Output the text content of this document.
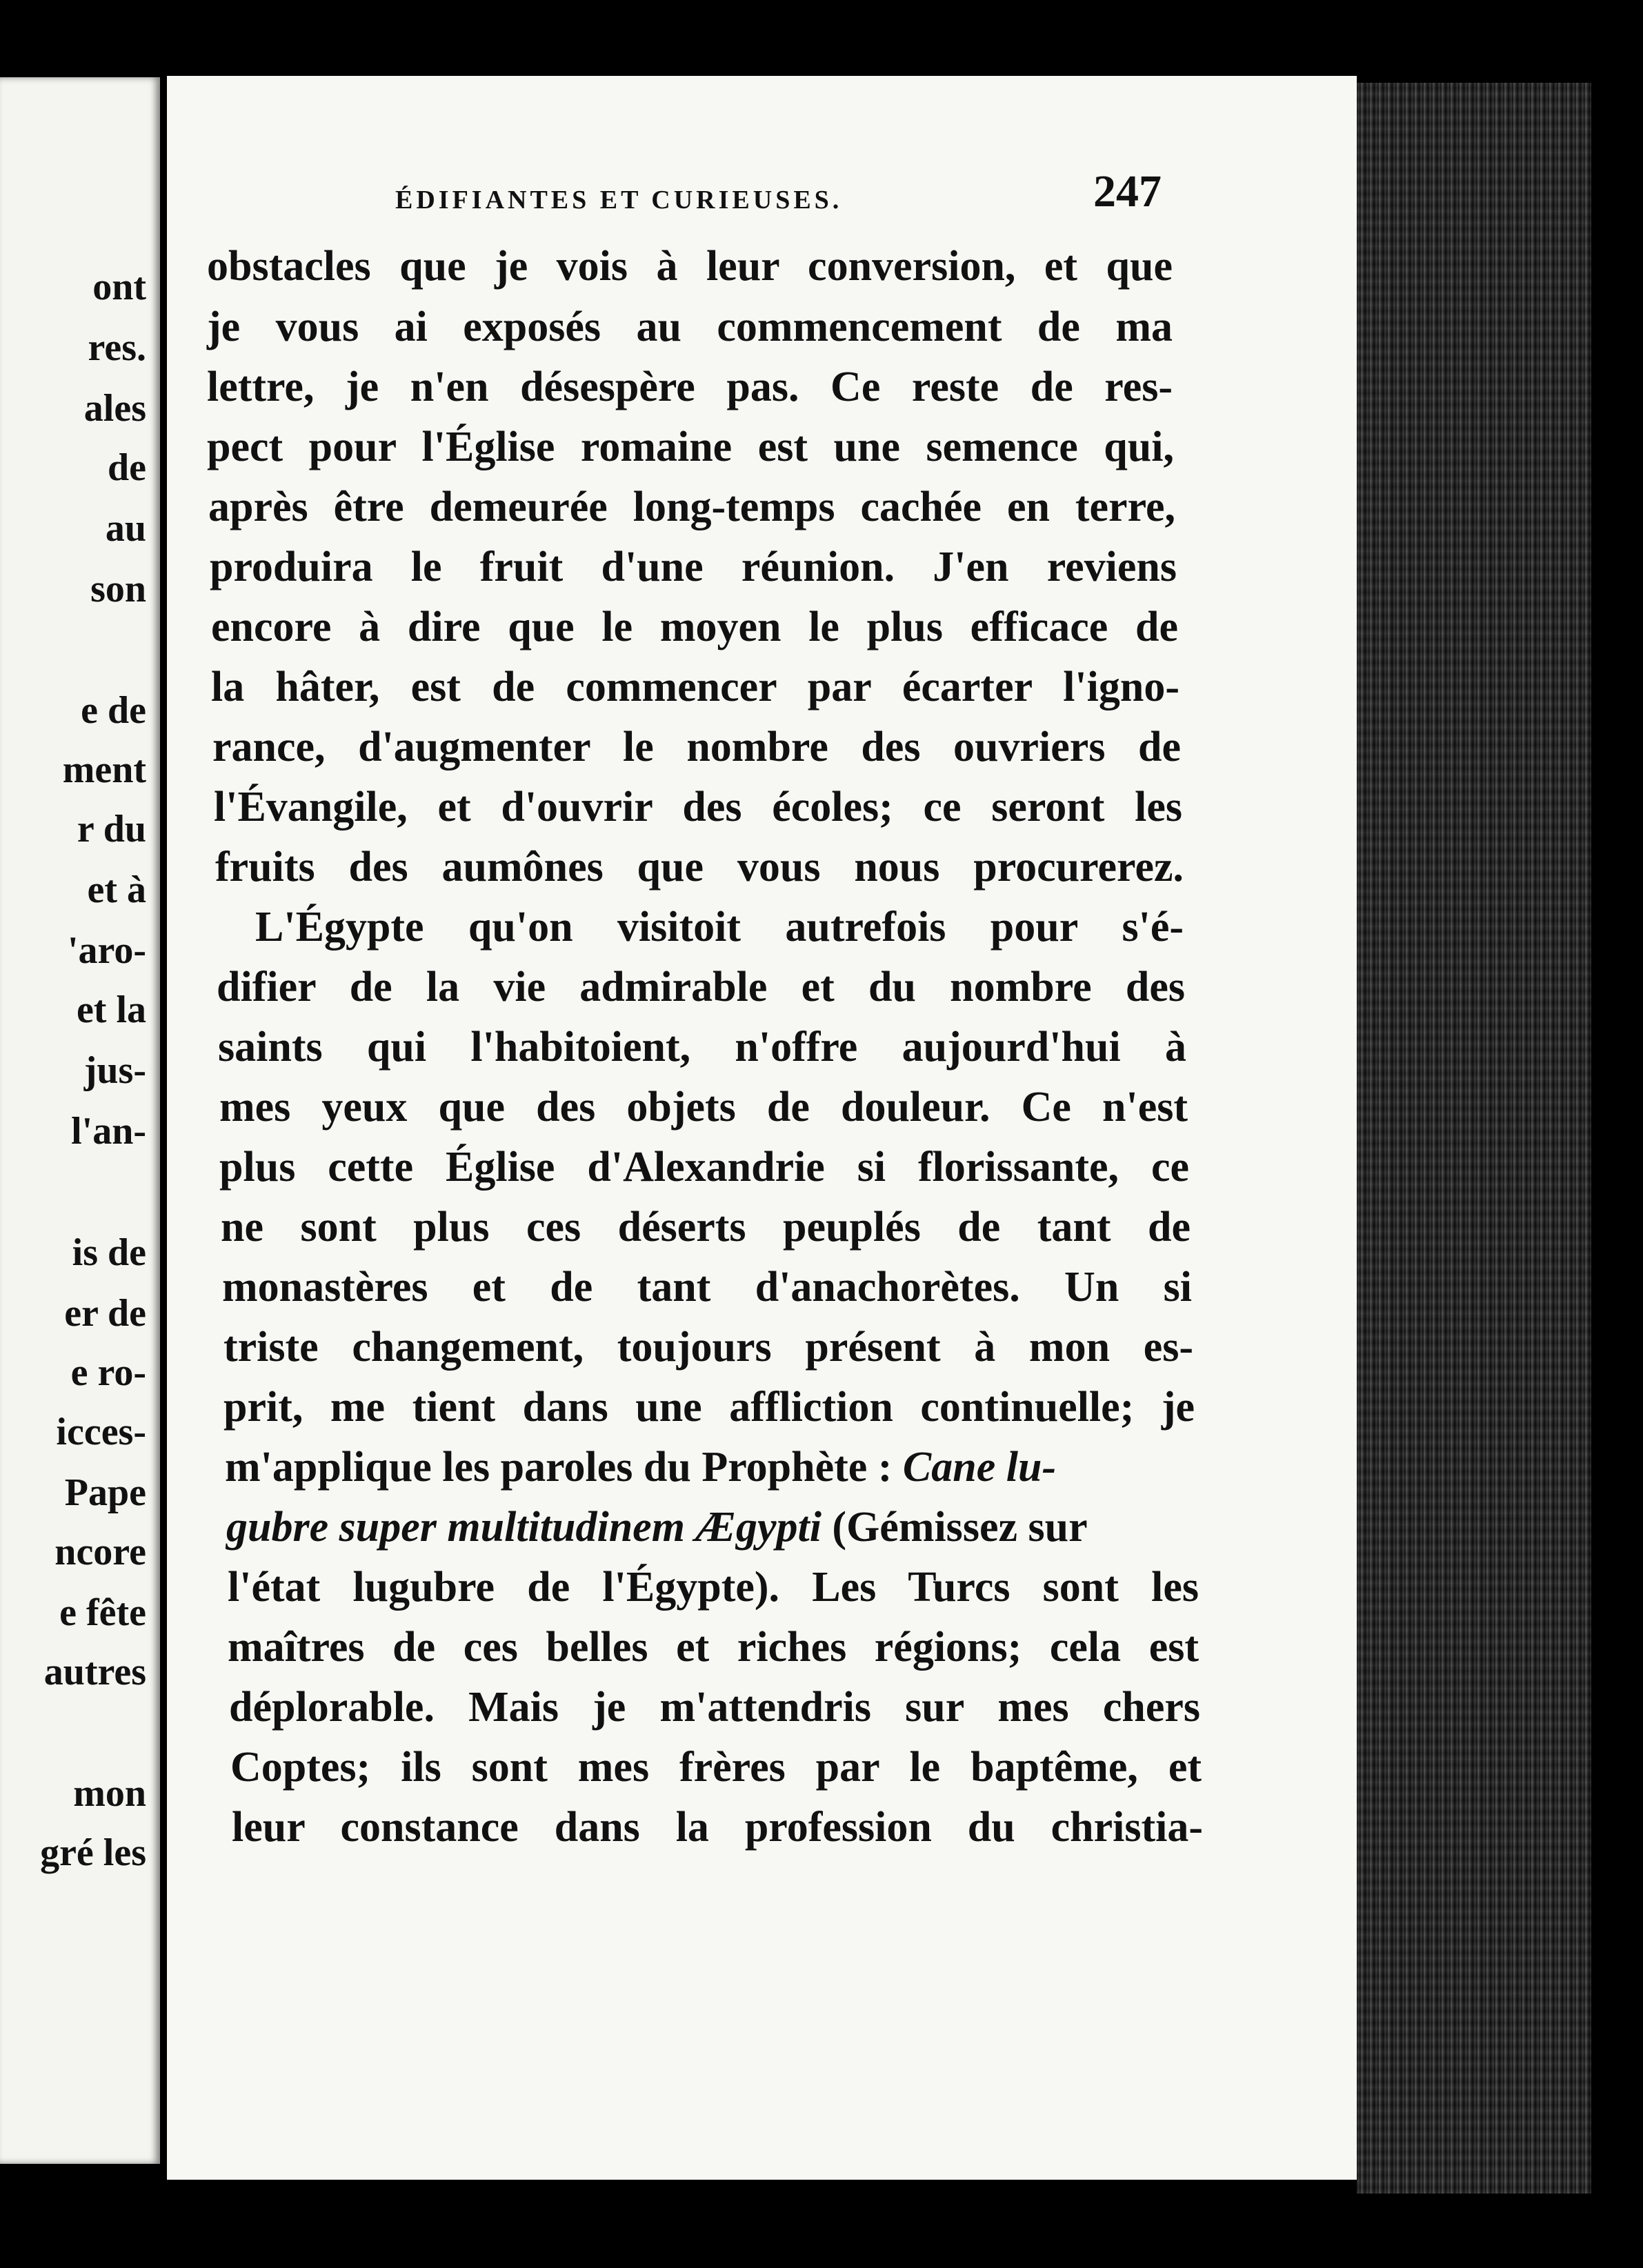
ont
res.
ales
de
au
son
e de
ment
r du
et à
'aro-
et la
jus-
l'an-
is de
er de
e ro-
icces-
Pape
ncore
e fête
autres
mon
gré les
ÉDIFIANTES ET CURIEUSES.	247
obstacles que je vois à leur conversion, et que
je vous ai exposés au commencement de ma
lettre, je n'en désespère pas. Ce reste de res-
pect pour l'Église romaine est une semence qui,
après être demeurée long-temps cachée en terre,
produira le fruit d'une réunion. J'en reviens
encore à dire que le moyen le plus efficace de
la hâter, est de commencer par écarter l'igno-
rance, d'augmenter le nombre des ouvriers de
l'Évangile, et d'ouvrir des écoles; ce seront les
fruits des aumônes que vous nous procurerez.
L'Égypte qu'on visitoit autrefois pour s'é-
difier de la vie admirable et du nombre des
saints qui l'habitoient, n'offre aujourd'hui à
mes yeux que des objets de douleur. Ce n'est
plus cette Église d'Alexandrie si florissante, ce
ne sont plus ces déserts peuplés de tant de
monastères et de tant d'anachorètes. Un si
triste changement, toujours présent à mon es-
prit, me tient dans une affliction continuelle; je
m'applique les paroles du Prophète : Cane lu-
gubre super multitudinem Ægypti (Gémissez sur
l'état lugubre de l'Égypte). Les Turcs sont les
maîtres de ces belles et riches régions; cela est
déplorable. Mais je m'attendris sur mes chers
Coptes; ils sont mes frères par le baptême, et
leur constance dans la profession du christia-
